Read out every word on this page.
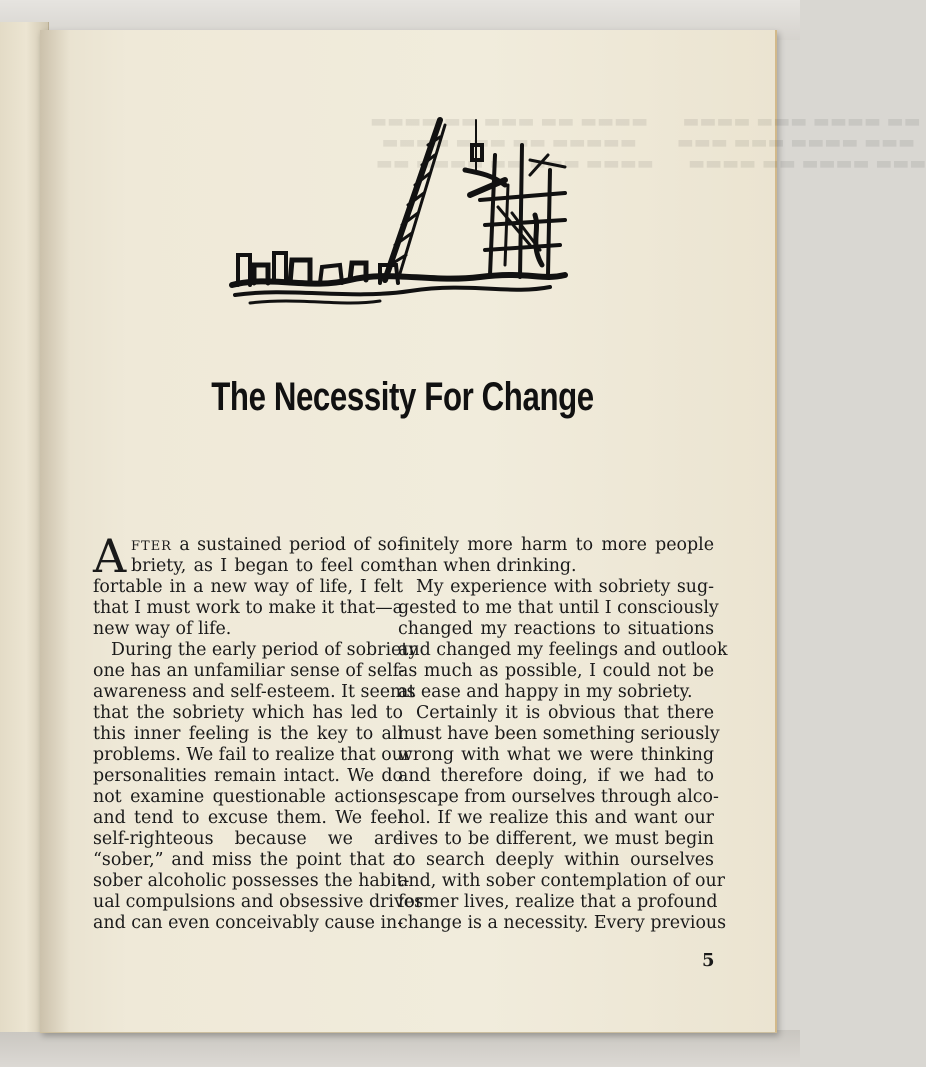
▬▬▬▬ ▬▬ ▬▬▬ ▬▬ ▬▬▬▬      ▬▬▬▬ ▬▬▬ ▬▬▬▬ ▬▬
▬▬▬▬ ▬▬▬ ▬▬ ▬▬▬▬▬       ▬▬▬ ▬▬▬ ▬▬▬▬ ▬▬▬
▬▬ ▬▬▬▬ ▬▬ ▬▬▬ ▬▬▬▬      ▬▬▬▬ ▬▬ ▬▬▬▬ ▬▬▬

The Necessity For Change
A FTER a sustained period of so-
briety, as I began to feel com-
fortable in a new way of life, I felt
that I must work to make it that—a
new way of life.
During the early period of sobriety
one has an unfamiliar sense of self-
awareness and self-esteem. It seems
that the sobriety which has led to
this inner feeling is the key to all
problems. We fail to realize that our
personalities remain intact. We do
not examine questionable actions,
and tend to excuse them. We feel
self-righteous because we are
“sober,” and miss the point that a
sober alcoholic possesses the habit-
ual compulsions and obsessive drives
and can even conceivably cause in-
finitely more harm to more people
than when drinking.
My experience with sobriety sug-
gested to me that until I consciously
changed my reactions to situations
and changed my feelings and outlook
as much as possible, I could not be
at ease and happy in my sobriety.
Certainly it is obvious that there
must have been something seriously
wrong with what we were thinking
and therefore doing, if we had to
escape from ourselves through alco-
hol. If we realize this and want our
lives to be different, we must begin
to search deeply within ourselves
and, with sober contemplation of our
former lives, realize that a profound
change is a necessity. Every previous
5
